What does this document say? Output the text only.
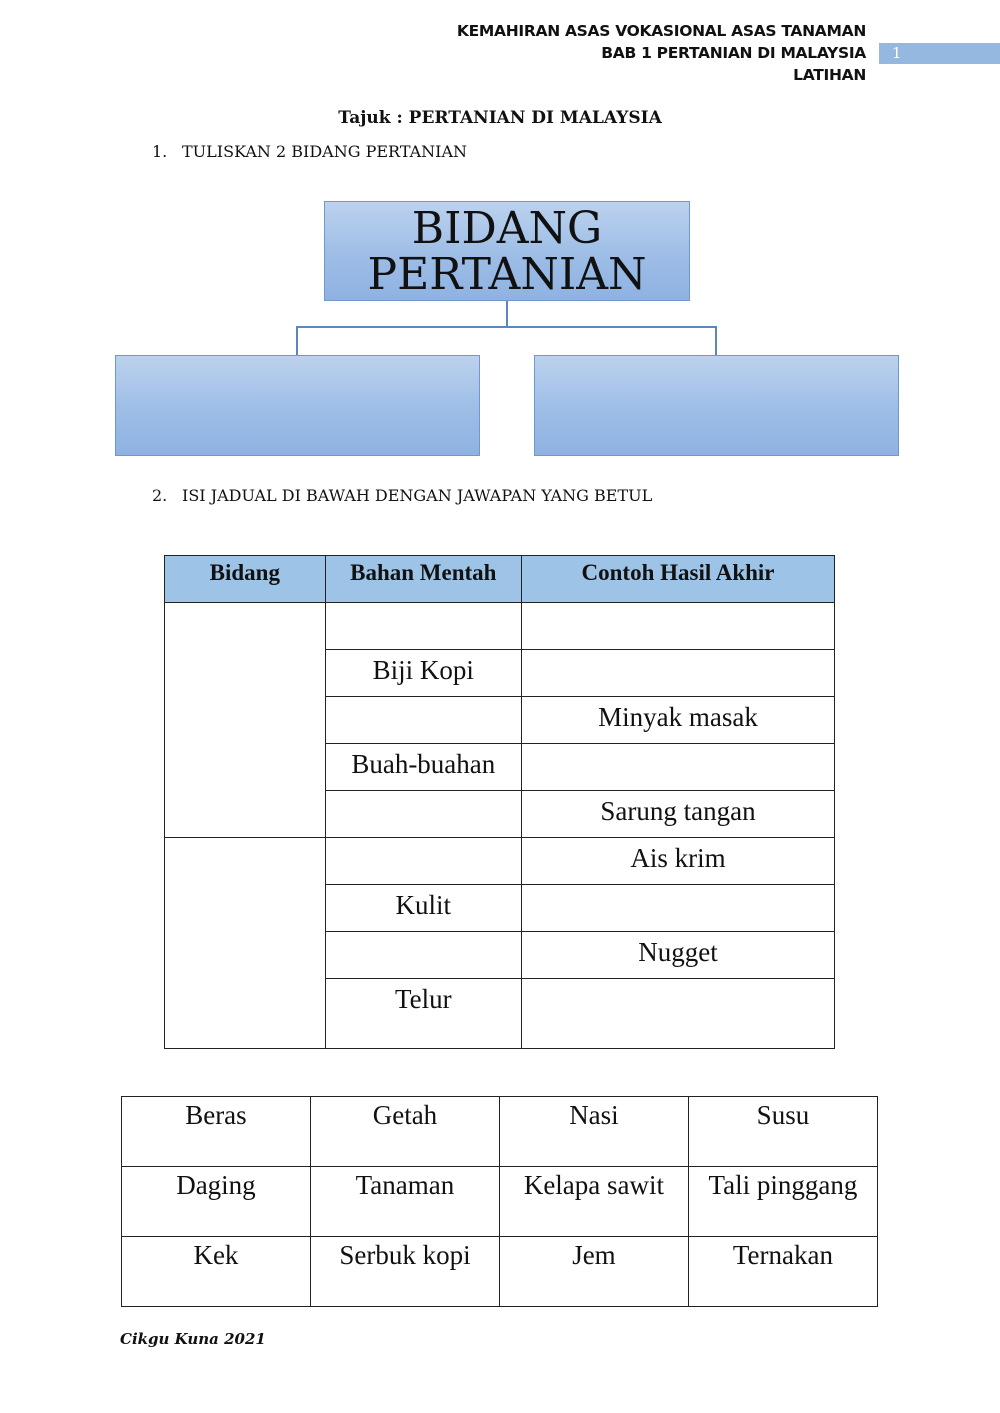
KEMAHIRAN ASAS VOKASIONAL ASAS TANAMAN
BAB 1 PERTANIAN DI MALAYSIA
LATIHAN
1
Tajuk : PERTANIAN DI MALAYSIA
1. TULISKAN 2 BIDANG PERTANIAN
BIDANG
PERTANIAN
2. ISI JADUAL DI BAWAH DENGAN JAWAPAN YANG BETUL
Bidang	Bahan Mentah	Contoh Hasil Akhir

	Biji Kopi	
		Minyak masak
	Buah-buahan	
		Sarung tangan
		Ais krim
	Kulit	
		Nugget
	Telur	
Beras	Getah	Nasi	Susu
Daging	Tanaman	Kelapa sawit	Tali pinggang
Kek	Serbuk kopi	Jem	Ternakan
Cikgu Kuna 2021
